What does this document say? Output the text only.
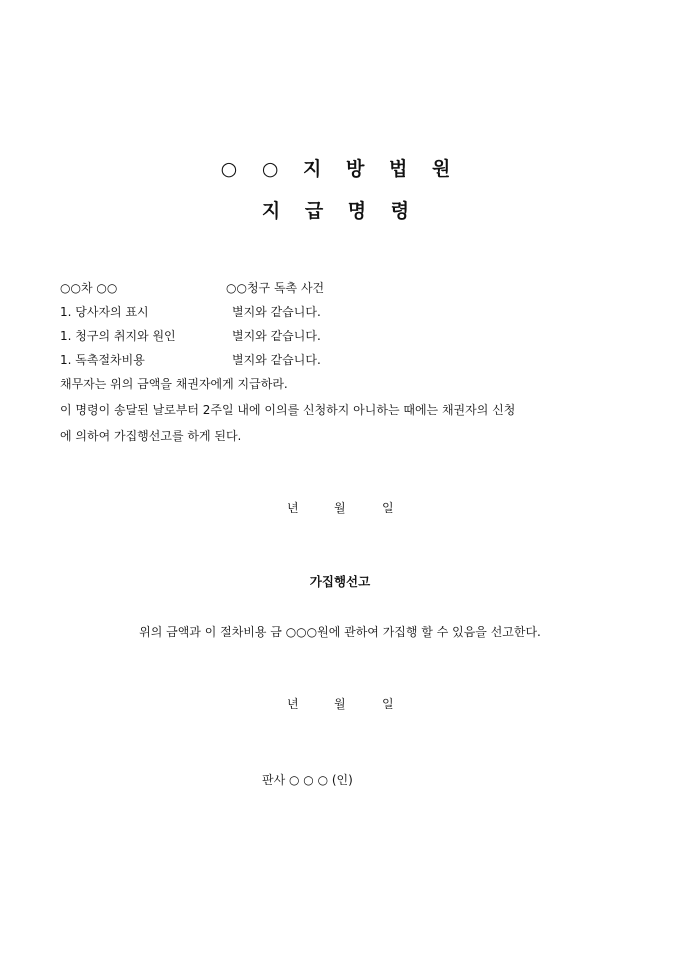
○ ○ 지 방 법 원
지 급 명 령
○○차 ○○	○○청구 독촉 사건
1. 당사자의 표시	별지와 같습니다.
1. 청구의 취지와 원인	별지와 같습니다.
1. 독촉절차비용	별지와 같습니다.
채무자는 위의 금액을 채권자에게 지급하라.
이 명령이 송달된 날로부터 2주일 내에 이의를 신청하지 아니하는 때에는 채권자의 신청
에 의하여 가집행선고를 하게 된다.
년	월	일
가집행선고
위의 금액과 이 절차비용 금 ○○○원에 관하여 가집행 할 수 있음을 선고한다.
년	월	일
판사 ○ ○ ○ (인)
